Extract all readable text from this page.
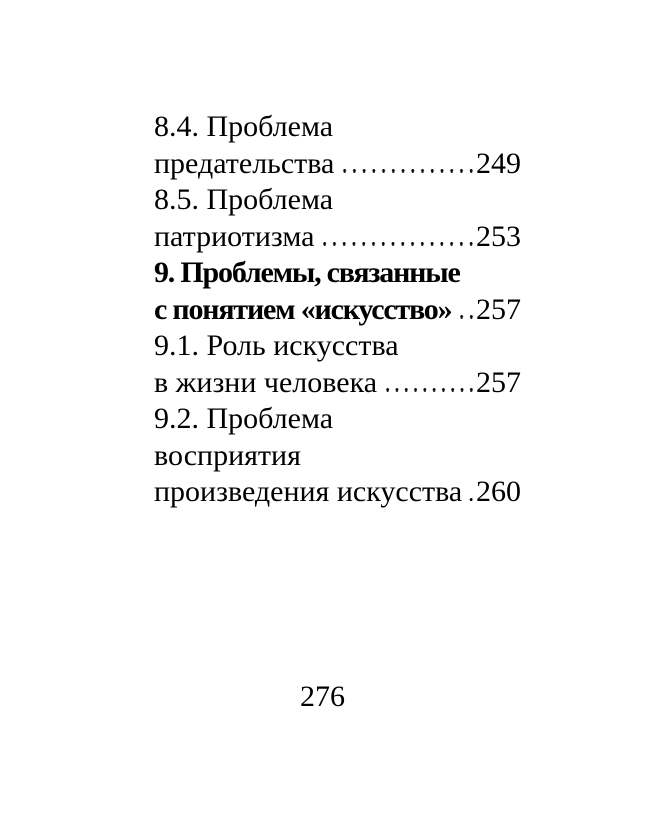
8.4. Проблема
предательства	249
8.5. Проблема
патриотизма	253
9. Проблемы, связанные
с понятием «искусство» 257
9.1. Роль искусства
в жизни человека	257
9.2. Проблема
восприятия
произведения искусства 260
276
